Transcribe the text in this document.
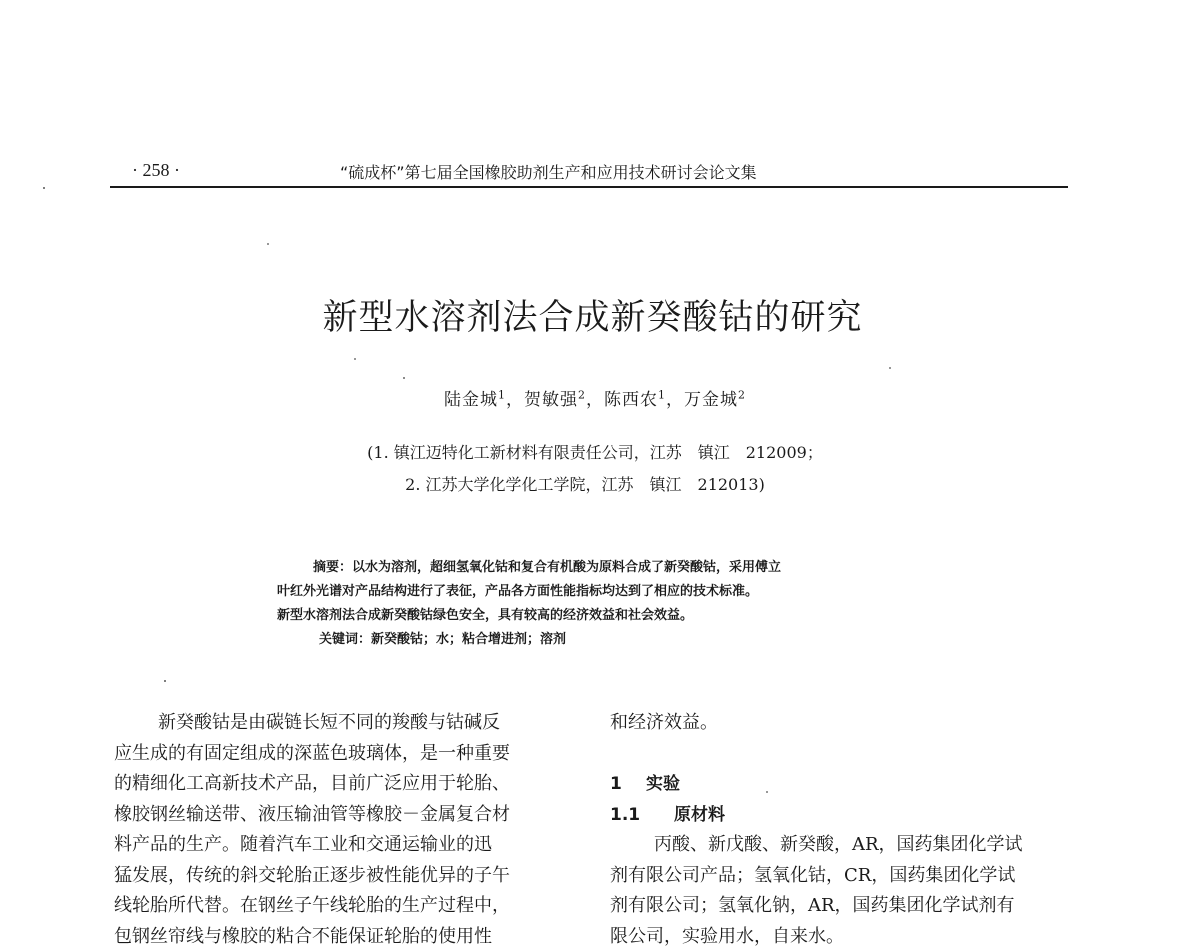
· 258 ·	“硫成杯”第七届全国橡胶助剂生产和应用技术研讨会论文集
新型水溶剂法合成新癸酸钴的研究
陆金城$^1$，贺敏强$^2$，陈西农$^1$，万金城$^2$
(1. 镇江迈特化工新材料有限责任公司，江苏　镇江　212009；
2. 江苏大学化学化工学院，江苏　镇江　212013)
摘要：以水为溶剂，超细氢氧化钴和复合有机酸为原料合成了新癸酸钴，采用傅立
叶红外光谱对产品结构进行了表征，产品各方面性能指标均达到了相应的技术标准。
新型水溶剂法合成新癸酸钴绿色安全，具有较高的经济效益和社会效益。
关键词：新癸酸钴；水；粘合增进剂；溶剂
新癸酸钴是由碳链长短不同的羧酸与钴碱反
应生成的有固定组成的深蓝色玻璃体，是一种重要
的精细化工高新技术产品，目前广泛应用于轮胎、
橡胶钢丝输送带、液压输油管等橡胶－金属复合材
料产品的生产。随着汽车工业和交通运输业的迅
猛发展，传统的斜交轮胎正逐步被性能优异的子午
线轮胎所代替。在钢丝子午线轮胎的生产过程中，
包钢丝帘线与橡胶的粘合不能保证轮胎的使用性
和经济效益。
1 实验
1.1 原材料
丙酸、新戊酸、新癸酸，AR，国药集团化学试
剂有限公司产品；氢氧化钴，CR，国药集团化学试
剂有限公司；氢氧化钠，AR，国药集团化学试剂有
限公司，实验用水，自来水。
